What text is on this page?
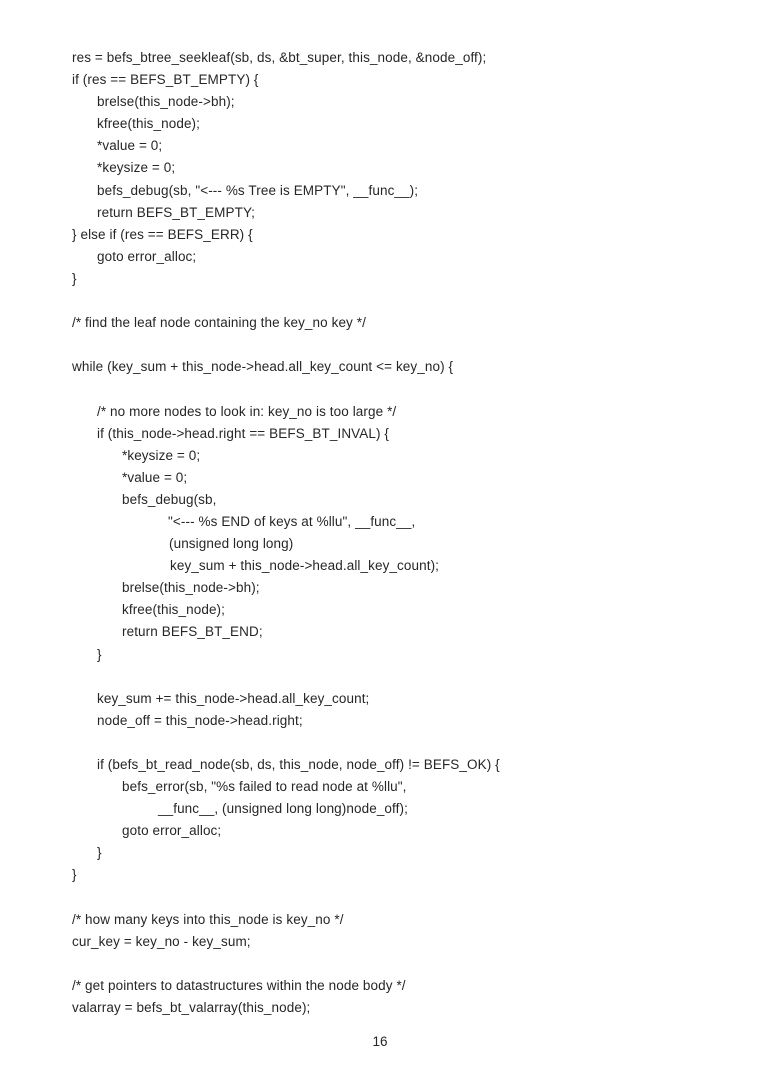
res = befs_btree_seekleaf(sb, ds, &bt_super, this_node, &node_off);
if (res == BEFS_BT_EMPTY) {
brelse(this_node->bh);
kfree(this_node);
*value = 0;
*keysize = 0;
befs_debug(sb, "<--- %s Tree is EMPTY", __func__);
return BEFS_BT_EMPTY;
} else if (res == BEFS_ERR) {
goto error_alloc;
}
/* find the leaf node containing the key_no key */
while (key_sum + this_node->head.all_key_count <= key_no) {
/* no more nodes to look in: key_no is too large */
if (this_node->head.right == BEFS_BT_INVAL) {
*keysize = 0;
*value = 0;
befs_debug(sb,
"<--- %s END of keys at %llu", __func__,
(unsigned long long)
key_sum + this_node->head.all_key_count);
brelse(this_node->bh);
kfree(this_node);
return BEFS_BT_END;
}
key_sum += this_node->head.all_key_count;
node_off = this_node->head.right;
if (befs_bt_read_node(sb, ds, this_node, node_off) != BEFS_OK) {
befs_error(sb, "%s failed to read node at %llu",
__func__, (unsigned long long)node_off);
goto error_alloc;
}
}
/* how many keys into this_node is key_no */
cur_key = key_no - key_sum;
/* get pointers to datastructures within the node body */
valarray = befs_bt_valarray(this_node);
16
